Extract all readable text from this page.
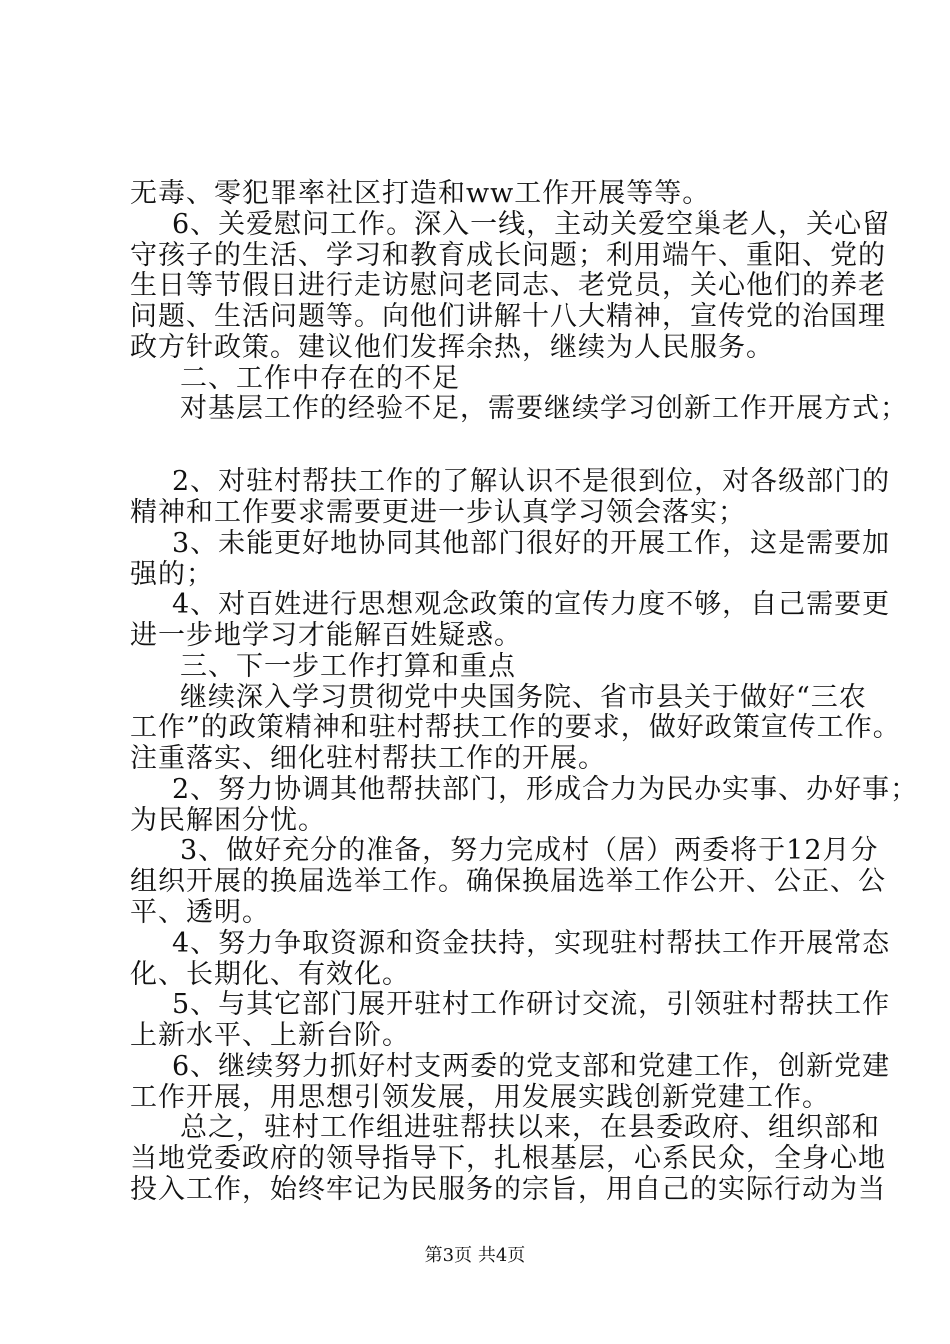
无毒、零犯罪率社区打造和ww工作开展等等。
6、关爱慰问工作。深入一线，主动关爱空巢老人，关心留
守孩子的生活、学习和教育成长问题；利用端午、重阳、党的
生日等节假日进行走访慰问老同志、老党员，关心他们的养老
问题、生活问题等。向他们讲解十八大精神，宣传党的治国理
政方针政策。建议他们发挥余热，继续为人民服务。
二、工作中存在的不足
对基层工作的经验不足，需要继续学习创新工作开展方式；
2、对驻村帮扶工作的了解认识不是很到位，对各级部门的
精神和工作要求需要更进一步认真学习领会落实；
3、未能更好地协同其他部门很好的开展工作，这是需要加
强的；
4、对百姓进行思想观念政策的宣传力度不够，自己需要更
进一步地学习才能解百姓疑惑。
三、下一步工作打算和重点
继续深入学习贯彻党中央国务院、省市县关于做好“三农
工作”的政策精神和驻村帮扶工作的要求，做好政策宣传工作。
注重落实、细化驻村帮扶工作的开展。
2、努力协调其他帮扶部门，形成合力为民办实事、办好事；
为民解困分忧。
3、做好充分的准备，努力完成村（居）两委将于12月分
组织开展的换届选举工作。确保换届选举工作公开、公正、公
平、透明。
4、努力争取资源和资金扶持，实现驻村帮扶工作开展常态
化、长期化、有效化。
5、与其它部门展开驻村工作研讨交流，引领驻村帮扶工作
上新水平、上新台阶。
6、继续努力抓好村支两委的党支部和党建工作，创新党建
工作开展，用思想引领发展，用发展实践创新党建工作。
总之，驻村工作组进驻帮扶以来，在县委政府、组织部和
当地党委政府的领导指导下，扎根基层，心系民众，全身心地
投入工作，始终牢记为民服务的宗旨，用自己的实际行动为当
第3页 共4页
